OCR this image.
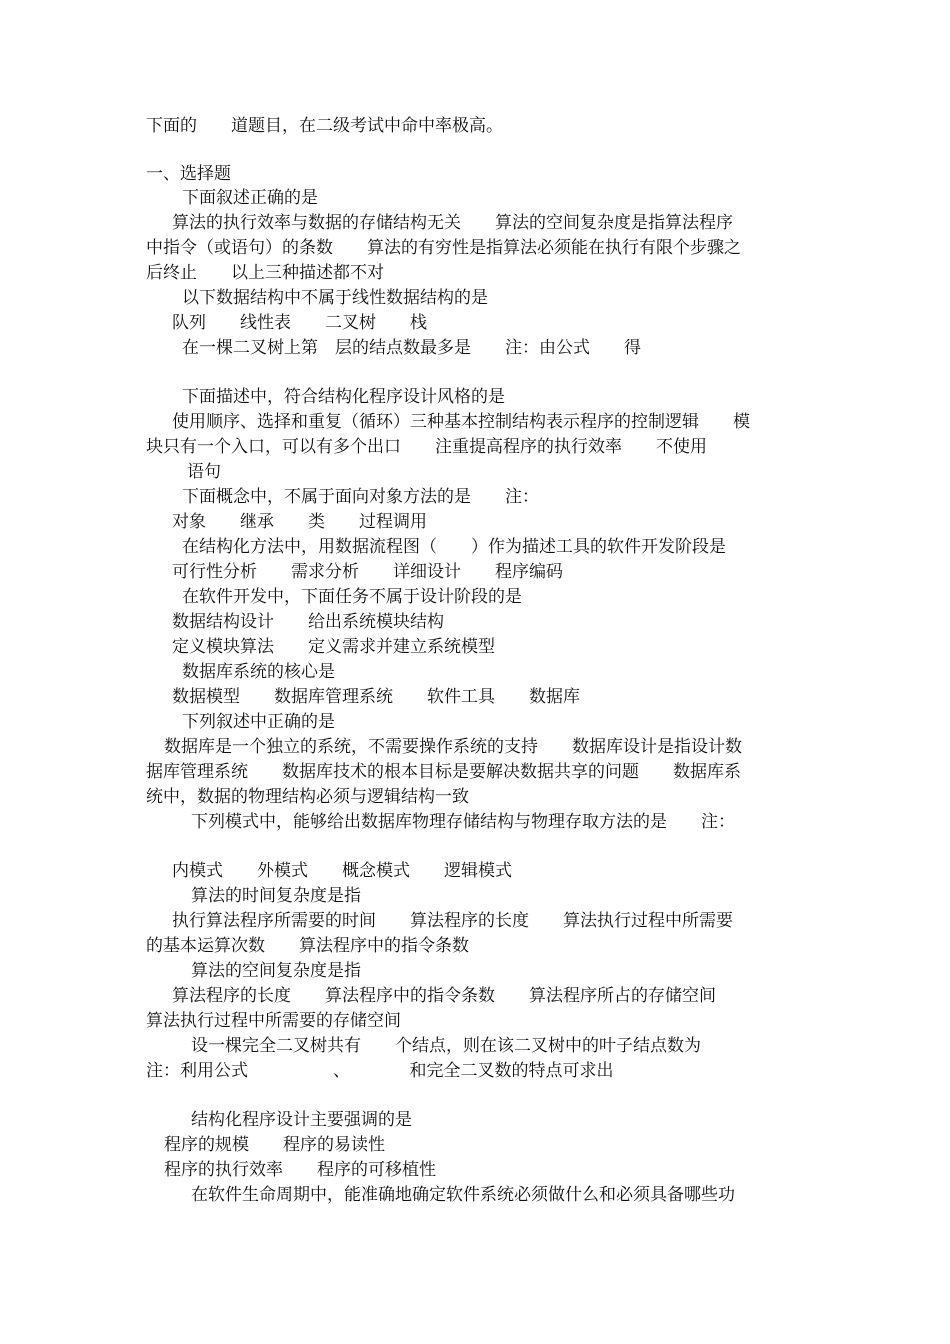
下面的　　道题目，在二级考试中命中率极高。
一、选择题
下面叙述正确的是
算法的执行效率与数据的存储结构无关　　算法的空间复杂度是指算法程序
中指令（或语句）的条数　　算法的有穷性是指算法必须能在执行有限个步骤之
后终止　　以上三种描述都不对
以下数据结构中不属于线性数据结构的是
队列　　线性表　　二叉树　　栈
在一棵二叉树上第　层的结点数最多是　　注：由公式　　得
下面描述中，符合结构化程序设计风格的是
使用顺序、选择和重复（循环）三种基本控制结构表示程序的控制逻辑　　模
块只有一个入口，可以有多个出口　　注重提高程序的执行效率　　不使用
语句
下面概念中，不属于面向对象方法的是　　注：
对象　　继承　　类　　过程调用
在结构化方法中，用数据流程图（　　）作为描述工具的软件开发阶段是
可行性分析　　需求分析　　详细设计　　程序编码
在软件开发中，下面任务不属于设计阶段的是
数据结构设计　　给出系统模块结构
定义模块算法　　定义需求并建立系统模型
数据库系统的核心是
数据模型　　数据库管理系统　　软件工具　　数据库
下列叙述中正确的是
数据库是一个独立的系统，不需要操作系统的支持　　数据库设计是指设计数
据库管理系统　　数据库技术的根本目标是要解决数据共享的问题　　数据库系
统中，数据的物理结构必须与逻辑结构一致
下列模式中，能够给出数据库物理存储结构与物理存取方法的是　　注：
内模式　　外模式　　概念模式　　逻辑模式
算法的时间复杂度是指
执行算法程序所需要的时间　　算法程序的长度　　算法执行过程中所需要
的基本运算次数　　算法程序中的指令条数
算法的空间复杂度是指
算法程序的长度　　算法程序中的指令条数　　算法程序所占的存储空间
算法执行过程中所需要的存储空间
设一棵完全二叉树共有　　个结点，则在该二叉树中的叶子结点数为
注：利用公式　　　　　、　　　　和完全二叉数的特点可求出
结构化程序设计主要强调的是
程序的规模　　程序的易读性
程序的执行效率　　程序的可移植性
在软件生命周期中，能准确地确定软件系统必须做什么和必须具备哪些功
